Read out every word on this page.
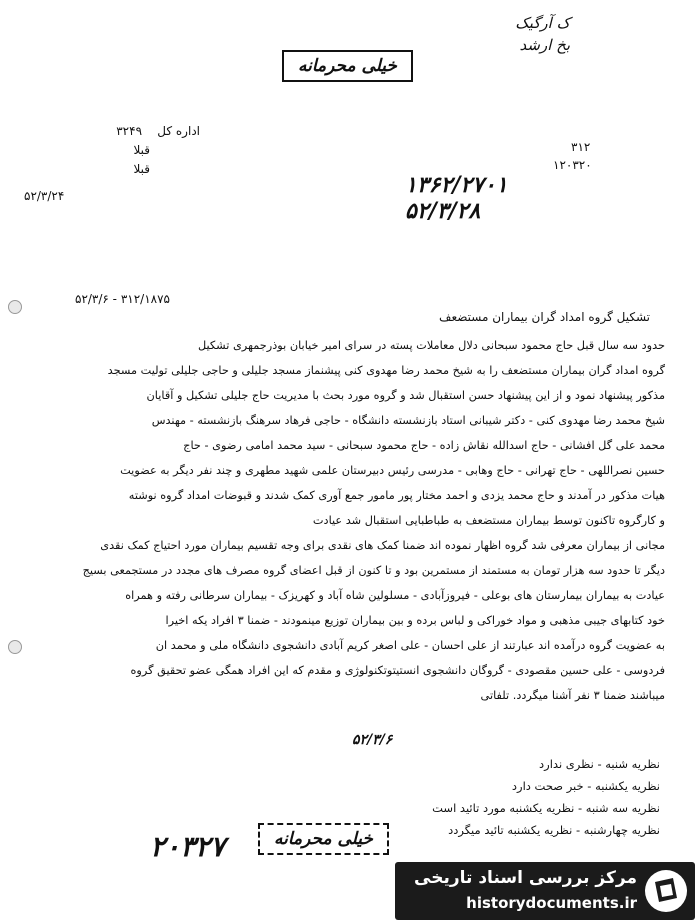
ک آرگیک
بخ ارشد
خیلی محرمانه
اداره کل    ۳۲۴۹
قبلا
قبلا
۵۲/۳/۲۴
۳۱۲
۱۲۰۳۲۰
۱۳۶۲/۲۷۰۱
۵۲/۳/۲۸
۵۲/۳/۶ - ۳۱۲/۱۸۷۵
تشکیل گروه امداد گران بیماران مستضعف
حدود سه سال قبل حاج محمود سبحانی دلال معاملات پسته در سرای امیر خیابان بوذرجمهری تشکیل
گروه امداد گران بیماران مستضعف را به شیخ محمد رضا مهدوی کنی پیشنماز مسجد جلیلی و حاجی جلیلی تولیت مسجد
مذکور پیشنهاد نمود و از این پیشنهاد حسن استقبال شد و گروه مورد بحث با مدیریت حاج جلیلی تشکیل و آقایان
شیخ محمد رضا مهدوی کنی - دکتر شیبانی استاد بازنشسته دانشگاه - حاجی فرهاد سرهنگ بازنشسته - مهندس
محمد علی گل افشانی - حاج اسدالله نقاش زاده - حاج محمود سبحانی - سید محمد امامی رضوی - حاج
حسین نصراللهی - حاج تهرانی - حاج وهابی - مدرسی رئیس دبیرستان علمی شهید مطهری و چند نفر دیگر به عضویت
هیات مذکور در آمدند و حاج محمد یزدی و احمد مختار پور مامور جمع آوری کمک شدند و قبوضات امداد گروه نوشته
و کارگروه تاکنون توسط بیماران مستضعف به طباطبایی استقبال شد عیادت
مجانی از بیماران معرفی شد گروه اظهار نموده اند ضمنا کمک های نقدی برای وجه تقسیم بیماران مورد احتیاج کمک نقدی
دیگر تا حدود سه هزار تومان به مستمند از مستمرین بود و تا کنون از قبل اعضای گروه مصرف های مجدد در مستجمعی بسیج
عیادت به بیماران بیمارستان های بوعلی - فیروزآبادی - مسلولین شاه آباد و کهریزک - بیماران سرطانی رفته و همراه
خود کتابهای جیبی مذهبی و مواد خوراکی و لباس برده و بین بیماران توزیع مینمودند - ضمنا ۳ افراد یکه اخیرا
به عضویت گروه درآمده اند عبارتند از علی احسان - علی اصغر کریم آبادی دانشجوی دانشگاه ملی و محمد ان
فردوسی - علی حسین مقصودی - گروگان دانشجوی انستیتوتکنولوژی و مقدم که این افراد همگی عضو تحقیق گروه
میباشند ضمنا ۳ نفر آشنا میگردد. تلفاتی
۵۲/۳/۶
نظریه شنبه - نظری ندارد
نظریه یکشنبه - خبر صحت دارد
نظریه سه شنبه - نظریه یکشنبه مورد تائید است
نظریه چهارشنبه - نظریه یکشنبه تائید میگردد
خیلی محرمانه
۲۰۳۲۷
مرکز بررسی اسناد تاریخی
historydocuments.ir
